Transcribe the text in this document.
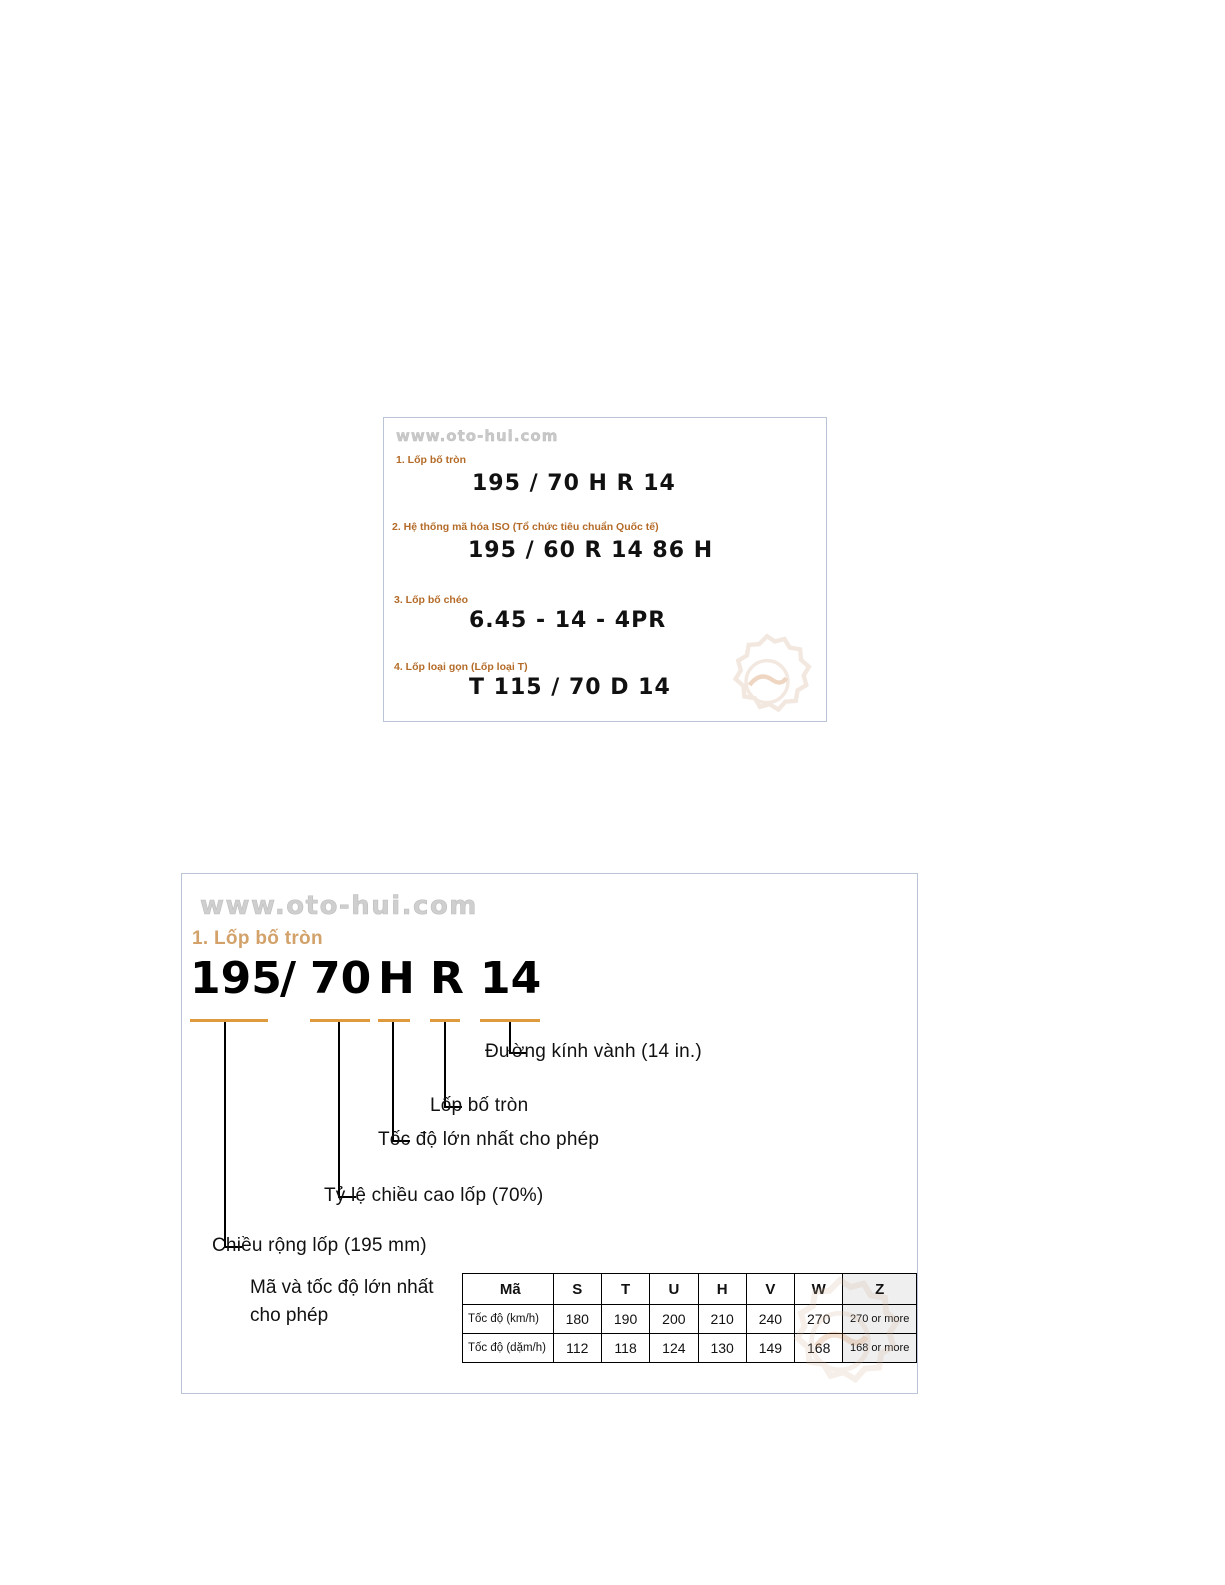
www.oto-hui.com
1. Lốp bố tròn
195 / 70 H R 14
2. Hệ thống mã hóa ISO (Tổ chức tiêu chuẩn Quốc tế)
195 / 60 R 14 86 H
3. Lốp bố chéo
6.45 - 14 - 4PR
4. Lốp loại gọn (Lốp loại T)
T 115 / 70 D 14
www.oto-hui.com
1. Lốp bố tròn
195
/ 70 H R 14
Đường kính vành (14 in.)
Lốp bố tròn
Tốc độ lớn nhất cho phép
Tỷ lệ chiều cao lốp (70%)
Chiều rộng lốp (195 mm)
Mã và tốc độ lớn nhất
cho phép
Mã	S	T	U	H	V	W	Z
Tốc độ (km/h)	180	190	200	210	240	270	270 or more
Tốc độ (dặm/h)	112	118	124	130	149	168	168 or more
